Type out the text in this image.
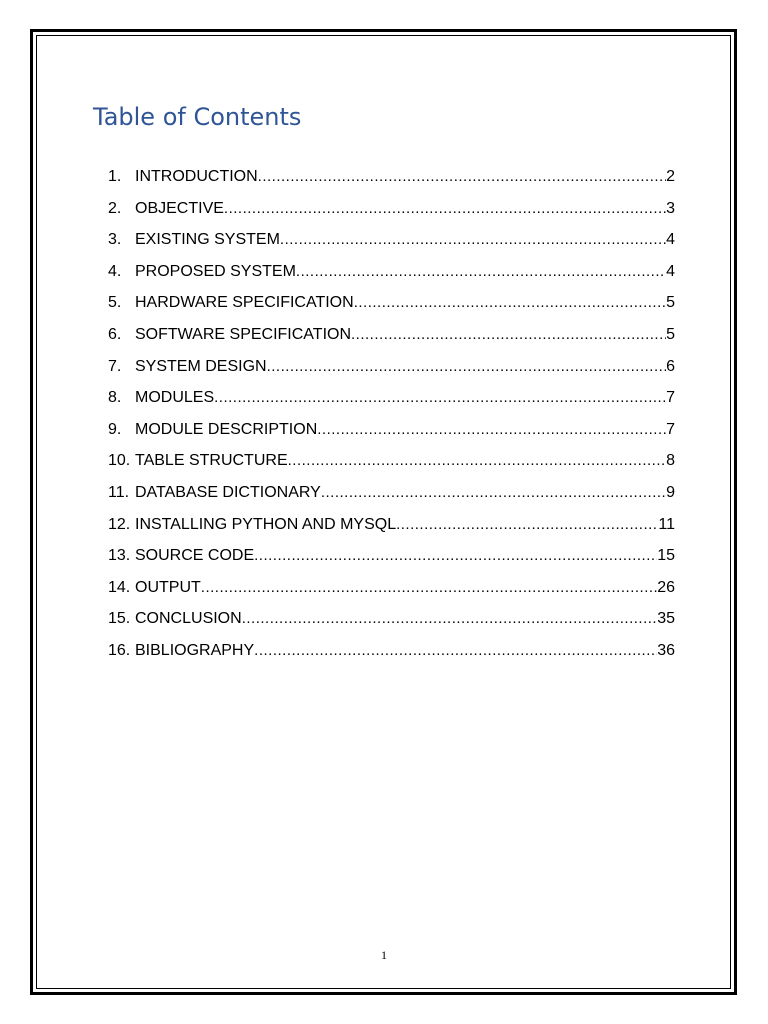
Table of Contents
1. INTRODUCTION .....	2
2. OBJECTIVE .....	3
3. EXISTING SYSTEM .....	4
4. PROPOSED SYSTEM .....	4
5. HARDWARE SPECIFICATION .....	5
6. SOFTWARE SPECIFICATION .....	5
7. SYSTEM DESIGN .....	6
8. MODULES .....	7
9. MODULE DESCRIPTION .....	7
10. TABLE STRUCTURE .....	8
11. DATABASE DICTIONARY .....	9
12. INSTALLING PYTHON AND MYSQL .....	11
13. SOURCE CODE .....	15
14. OUTPUT .....	26
15. CONCLUSION .....	35
16. BIBLIOGRAPHY .....	36
1
